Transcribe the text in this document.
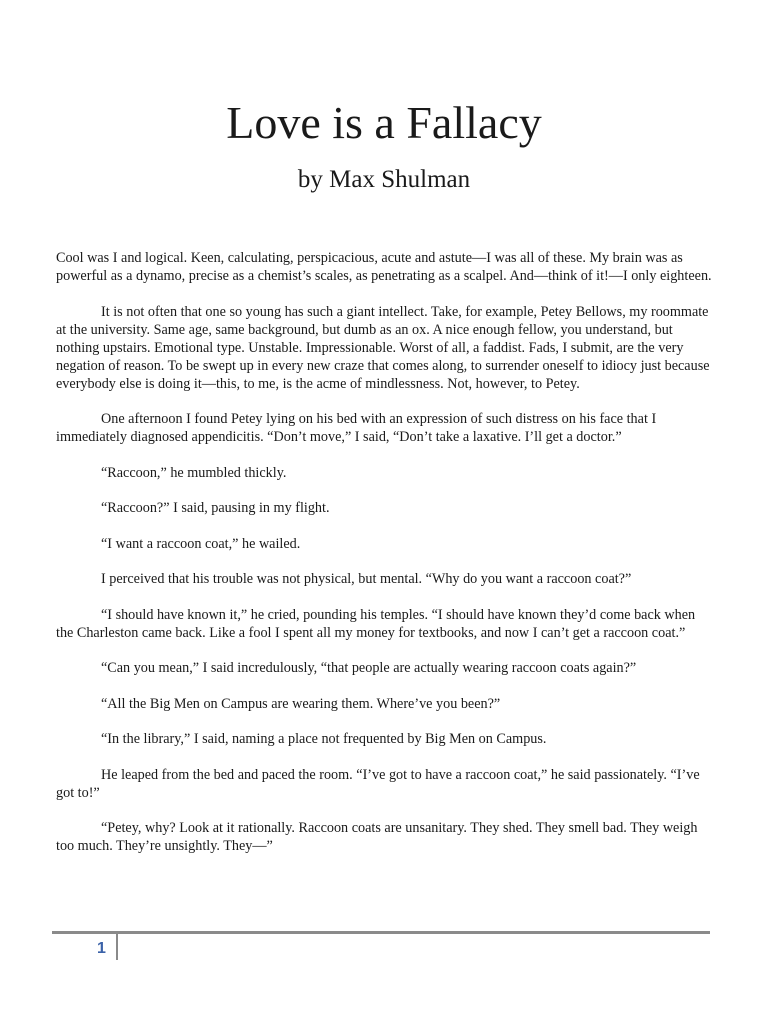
Love is a Fallacy
by Max Shulman

Cool was I and logical. Keen, calculating, perspicacious, acute and astute—I was all of these. My brain was as powerful as a dynamo, precise as a chemist’s scales, as penetrating as a scalpel. And—think of it!—I only eighteen.

It is not often that one so young has such a giant intellect. Take, for example, Petey Bellows, my roommate at the university. Same age, same background, but dumb as an ox. A nice enough fellow, you understand, but nothing upstairs. Emotional type. Unstable. Impressionable. Worst of all, a faddist. Fads, I submit, are the very negation of reason. To be swept up in every new craze that comes along, to surrender oneself to idiocy just because everybody else is doing it—this, to me, is the acme of mindlessness. Not, however, to Petey.

One afternoon I found Petey lying on his bed with an expression of such distress on his face that I immediately diagnosed appendicitis. “Don’t move,” I said, “Don’t take a laxative. I’ll get a doctor.”

“Raccoon,” he mumbled thickly.

“Raccoon?” I said, pausing in my flight.

“I want a raccoon coat,” he wailed.

I perceived that his trouble was not physical, but mental. “Why do you want a raccoon coat?”

“I should have known it,” he cried, pounding his temples. “I should have known they’d come back when the Charleston came back. Like a fool I spent all my money for textbooks, and now I can’t get a raccoon coat.”

“Can you mean,” I said incredulously, “that people are actually wearing raccoon coats again?”

“All the Big Men on Campus are wearing them. Where’ve you been?”

“In the library,” I said, naming a place not frequented by Big Men on Campus.

He leaped from the bed and paced the room. “I’ve got to have a raccoon coat,” he said passionately. “I’ve got to!”

“Petey, why? Look at it rationally. Raccoon coats are unsanitary. They shed. They smell bad. They weigh too much. They’re unsightly. They—”

1
